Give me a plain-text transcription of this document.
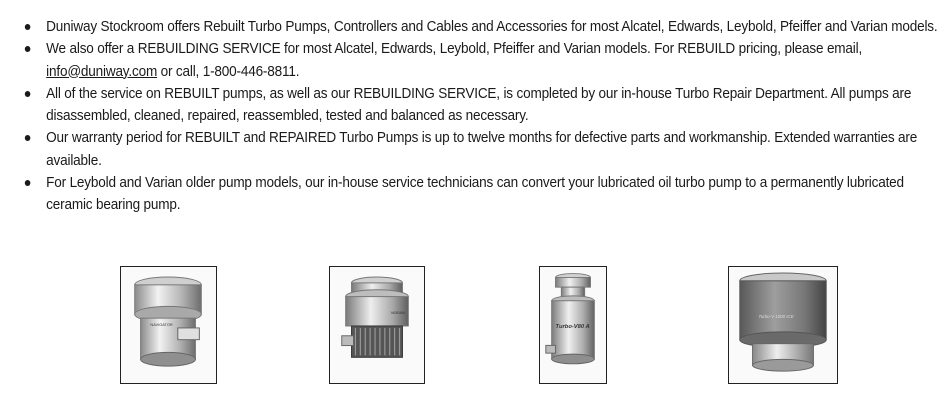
Duniway Stockroom offers Rebuilt Turbo Pumps, Controllers and Cables and Accessories for most Alcatel, Edwards, Leybold, Pfeiffer and Varian models.
We also offer a REBUILDING SERVICE for most Alcatel, Edwards, Leybold, Pfeiffer and Varian models. For REBUILD pricing, please email, info@duniway.com or call, 1-800-446-8811.
All of the service on REBUILT pumps, as well as our REBUILDING SERVICE, is completed by our in-house Turbo Repair Department. All pumps are disassembled, cleaned, repaired, reassembled, tested and balanced as necessary.
Our warranty period for REBUILT and REPAIRED Turbo Pumps is up to twelve months for defective parts and workmanship. Extended warranties are available.
For Leybold and Varian older pump models, our in-house service technicians can convert your lubricated oil turbo pump to a permanently lubricated ceramic bearing pump.
NAVIGATOR
VARIAN
Turbo-V80 A
Turbo-V 1000 ICE
